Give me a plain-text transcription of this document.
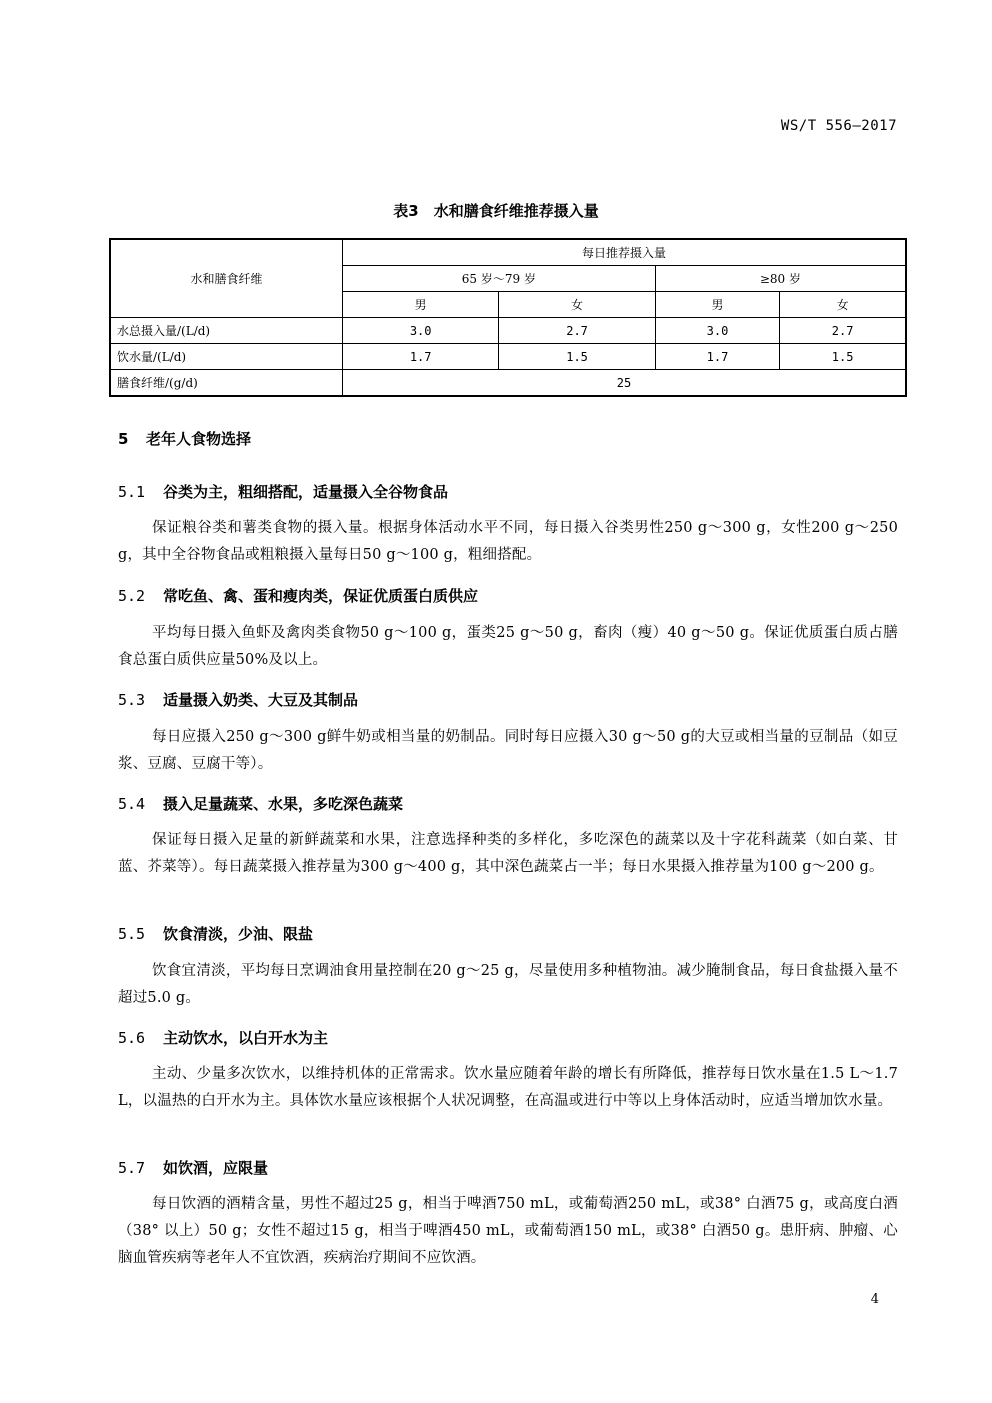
WS/T 556—2017
表3　水和膳食纤维推荐摄入量
水和膳食纤维	每日推荐摄入量			
	65 岁～79 岁		≥80 岁	
	男	女	男	女
水总摄入量/(L/d)	3.0	2.7	3.0	2.7
饮水量/(L/d)	1.7	1.5	1.7	1.5
膳食纤维/(g/d)	25			
5 老年人食物选择
5.1 谷类为主，粗细搭配，适量摄入全谷物食品
保证粮谷类和薯类食物的摄入量。根据身体活动水平不同，每日摄入谷类男性250 g～300 g，女性200 g～250 g，其中全谷物食品或粗粮摄入量每日50 g～100 g，粗细搭配。
5.2 常吃鱼、禽、蛋和瘦肉类，保证优质蛋白质供应
平均每日摄入鱼虾及禽肉类食物50 g～100 g，蛋类25 g～50 g，畜肉（瘦）40 g～50 g。保证优质蛋白质占膳食总蛋白质供应量50%及以上。
5.3 适量摄入奶类、大豆及其制品
每日应摄入250 g～300 g鲜牛奶或相当量的奶制品。同时每日应摄入30 g～50 g的大豆或相当量的豆制品（如豆浆、豆腐、豆腐干等）。
5.4 摄入足量蔬菜、水果，多吃深色蔬菜
保证每日摄入足量的新鲜蔬菜和水果，注意选择种类的多样化，多吃深色的蔬菜以及十字花科蔬菜（如白菜、甘蓝、芥菜等）。每日蔬菜摄入推荐量为300 g～400 g，其中深色蔬菜占一半；每日水果摄入推荐量为100 g～200 g。
5.5 饮食清淡，少油、限盐
饮食宜清淡，平均每日烹调油食用量控制在20 g～25 g，尽量使用多种植物油。减少腌制食品，每日食盐摄入量不超过5.0 g。
5.6 主动饮水，以白开水为主
主动、少量多次饮水，以维持机体的正常需求。饮水量应随着年龄的增长有所降低，推荐每日饮水量在1.5 L～1.7 L，以温热的白开水为主。具体饮水量应该根据个人状况调整，在高温或进行中等以上身体活动时，应适当增加饮水量。
5.7 如饮酒，应限量
每日饮酒的酒精含量，男性不超过25 g，相当于啤酒750 mL，或葡萄酒250 mL，或38° 白酒75 g，或高度白酒（38° 以上）50 g；女性不超过15 g，相当于啤酒450 mL，或葡萄酒150 mL，或38° 白酒50 g。患肝病、肿瘤、心脑血管疾病等老年人不宜饮酒，疾病治疗期间不应饮酒。
4
